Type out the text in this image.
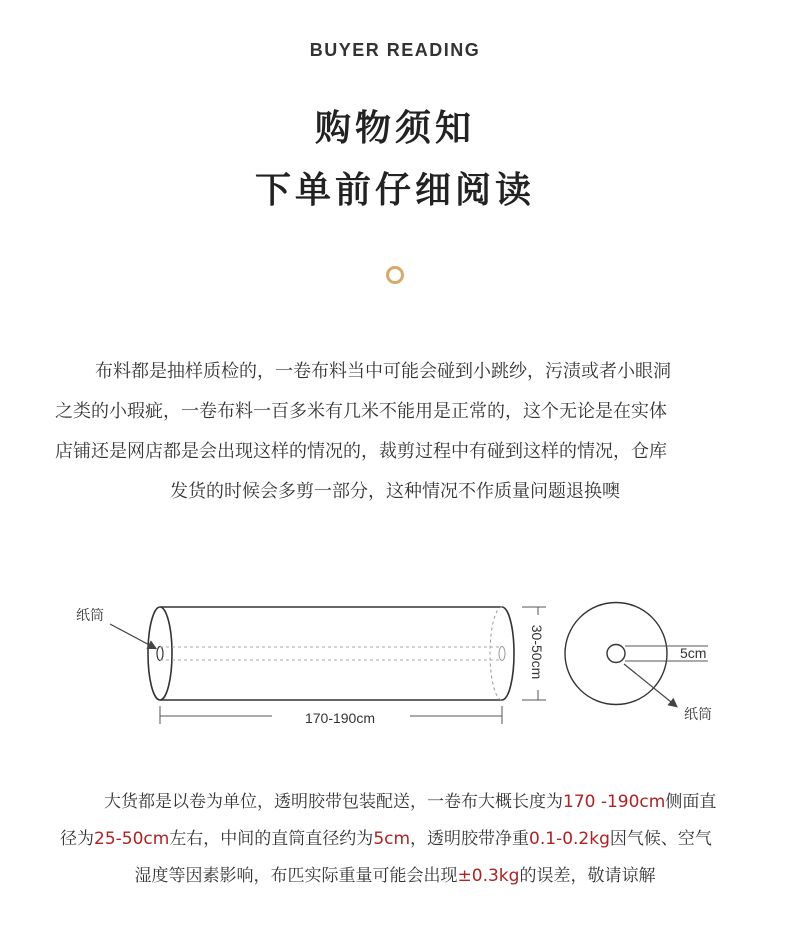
BUYER READING
购物须知
下单前仔细阅读
布料都是抽样质检的，一卷布料当中可能会碰到小跳纱，污渍或者小眼洞
之类的小瑕疵，一卷布料一百多米有几米不能用是正常的，这个无论是在实体
店铺还是网店都是会出现这样的情况的，裁剪过程中有碰到这样的情况，仓库
发货的时候会多剪一部分，这种情况不作质量问题退换噢
纸筒
170-190cm
30-50cm	5cm
纸筒
大货都是以卷为单位，透明胶带包装配送，一卷布大概长度为170 -190cm侧面直
径为25-50cm左右，中间的直筒直径约为5cm，透明胶带净重0.1-0.2kg因气候、空气
湿度等因素影响，布匹实际重量可能会出现±0.3kg的误差，敬请谅解
